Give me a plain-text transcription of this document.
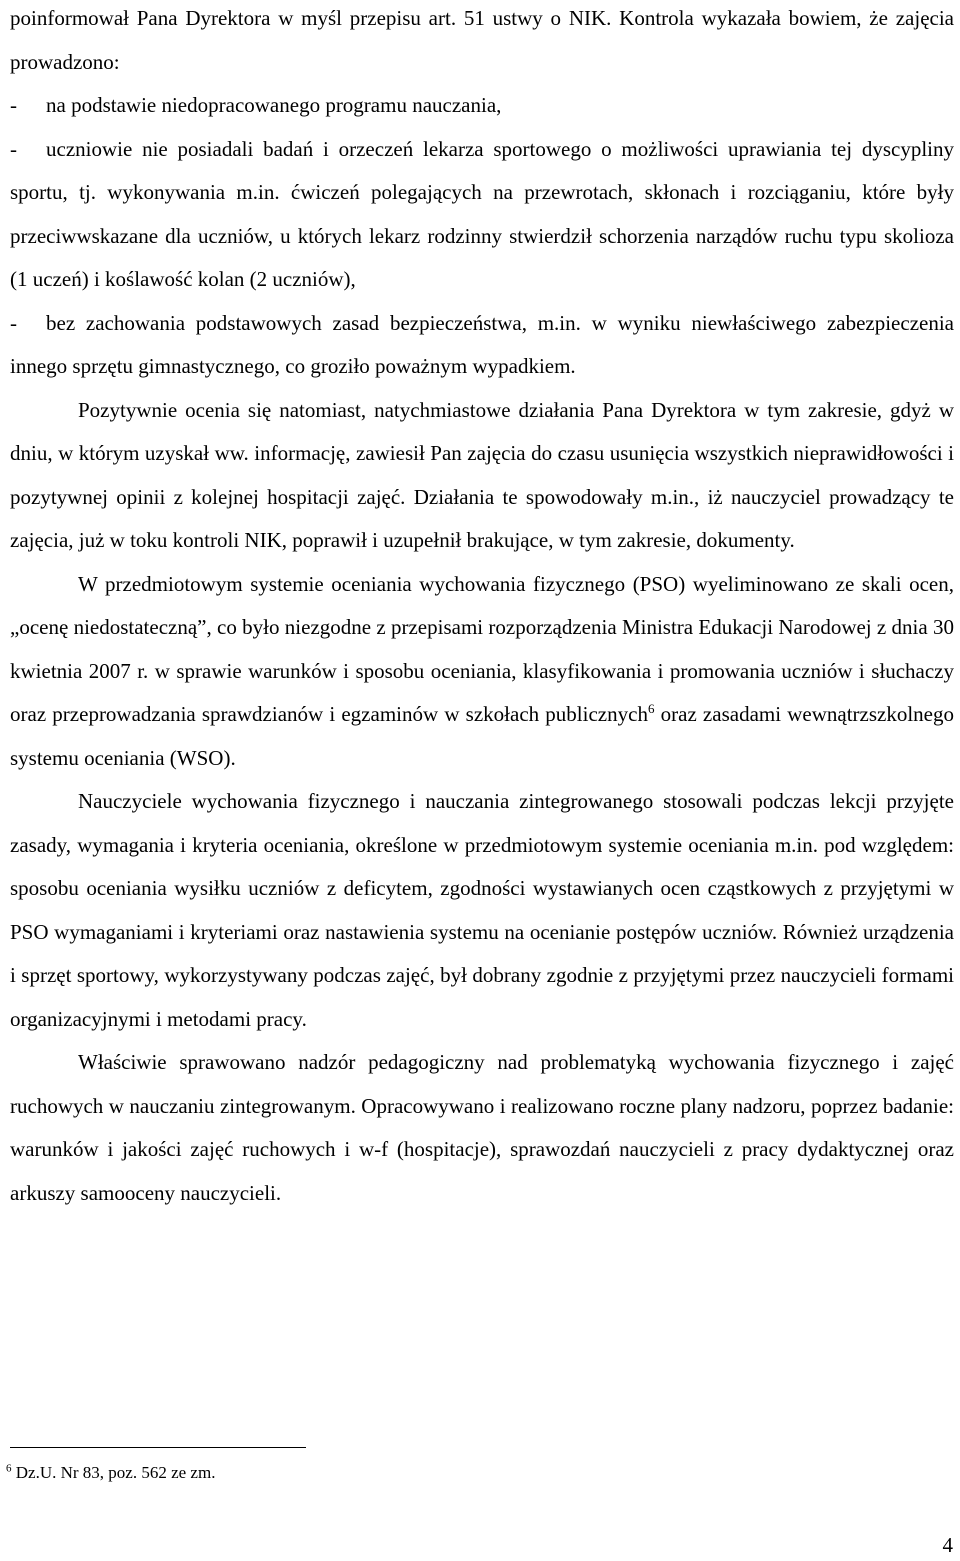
poinformował Pana Dyrektora w myśl przepisu art. 51 ustwy o NIK. Kontrola wykazała bowiem, że zajęcia prowadzono:

- na podstawie niedopracowanego programu nauczania,

- uczniowie nie posiadali badań i orzeczeń lekarza sportowego o możliwości uprawiania tej dyscypliny sportu, tj. wykonywania m.in. ćwiczeń polegających na przewrotach, skłonach i rozciąganiu, które były przeciwwskazane dla uczniów, u których lekarz rodzinny stwierdził schorzenia narządów ruchu typu skolioza (1 uczeń) i koślawość kolan (2 uczniów),

- bez zachowania podstawowych zasad bezpieczeństwa, m.in. w wyniku niewłaściwego zabezpieczenia innego sprzętu gimnastycznego, co groziło poważnym wypadkiem.

Pozytywnie ocenia się natomiast, natychmiastowe działania Pana Dyrektora w tym zakresie, gdyż w dniu, w którym uzyskał ww. informację, zawiesił Pan zajęcia do czasu usunięcia wszystkich nieprawidłowości i pozytywnej opinii z kolejnej hospitacji zajęć. Działania te spowodowały m.in., iż nauczyciel prowadzący te zajęcia, już w toku kontroli NIK, poprawił i uzupełnił brakujące, w tym zakresie, dokumenty.

W przedmiotowym systemie oceniania wychowania fizycznego (PSO) wyeliminowano ze skali ocen, „ocenę niedostateczną”, co było niezgodne z przepisami rozporządzenia Ministra Edukacji Narodowej z dnia 30 kwietnia 2007 r. w sprawie warunków i sposobu oceniania, klasyfikowania i promowania uczniów i słuchaczy oraz przeprowadzania sprawdzianów i egzaminów w szkołach publicznych$^6$ oraz zasadami wewnątrzszkolnego systemu oceniania (WSO).

Nauczyciele wychowania fizycznego i nauczania zintegrowanego stosowali podczas lekcji przyjęte zasady, wymagania i kryteria oceniania, określone w przedmiotowym systemie oceniania m.in. pod względem: sposobu oceniania wysiłku uczniów z deficytem, zgodności wystawianych ocen cząstkowych z przyjętymi w PSO wymaganiami i kryteriami oraz nastawienia systemu na ocenianie postępów uczniów. Również urządzenia i sprzęt sportowy, wykorzystywany podczas zajęć, był dobrany zgodnie z przyjętymi przez nauczycieli formami organizacyjnymi i metodami pracy.

Właściwie sprawowano nadzór pedagogiczny nad problematyką wychowania fizycznego i zajęć ruchowych w nauczaniu zintegrowanym. Opracowywano i realizowano roczne plany nadzoru, poprzez badanie: warunków i jakości zajęć ruchowych i w-f (hospitacje), sprawozdań nauczycieli z pracy dydaktycznej oraz arkuszy samooceny nauczycieli.

$^6$ Dz.U. Nr 83, poz. 562 ze zm.
4
